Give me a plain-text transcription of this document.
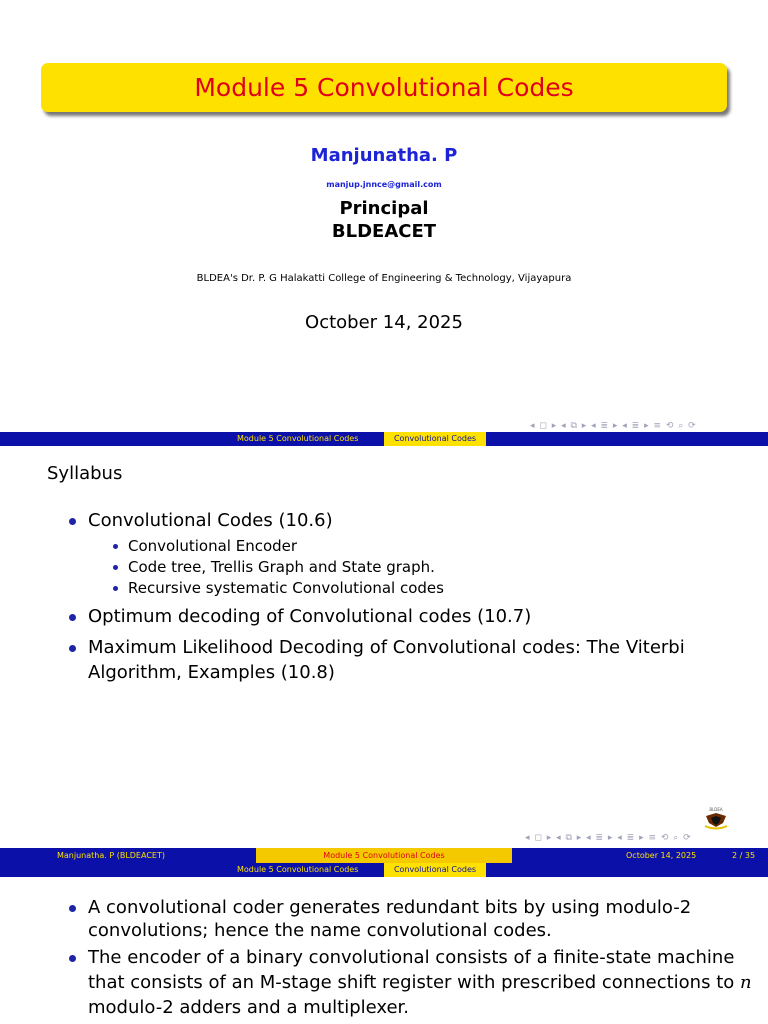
Module 5 Convolutional Codes
Manjunatha. P
manjup.jnnce@gmail.com
Principal
BLDEACET
BLDEA's Dr. P. G Halakatti College of Engineering & Technology, Vijayapura
October 14, 2025
◂ ◻ ▸ ◂ ⧉ ▸ ◂ ≣ ▸ ◂ ≣ ▸ ≡ ⟲ ⌕ ⟳
Module 5 Convolutional Codes	Convolutional Codes
Syllabus
Convolutional Codes (10.6)
Convolutional Encoder
Code tree, Trellis Graph and State graph.
Recursive systematic Convolutional codes
Optimum decoding of Convolutional codes (10.7)
Maximum Likelihood Decoding of Convolutional codes: The Viterbi
Algorithm, Examples (10.8)
BLDEA
◂ ◻ ▸ ◂ ⧉ ▸ ◂ ≣ ▸ ◂ ≣ ▸ ≡ ⟲ ⌕ ⟳
Manjunatha. P (BLDEACET)	Module 5 Convolutional Codes	October 14, 2025	2 / 35
Module 5 Convolutional Codes	Convolutional Codes
A convolutional coder generates redundant bits by using modulo-2
convolutions; hence the name convolutional codes.
The encoder of a binary convolutional consists of a finite-state machine
that consists of an M-stage shift register with prescribed connections to n
modulo-2 adders and a multiplexer.
